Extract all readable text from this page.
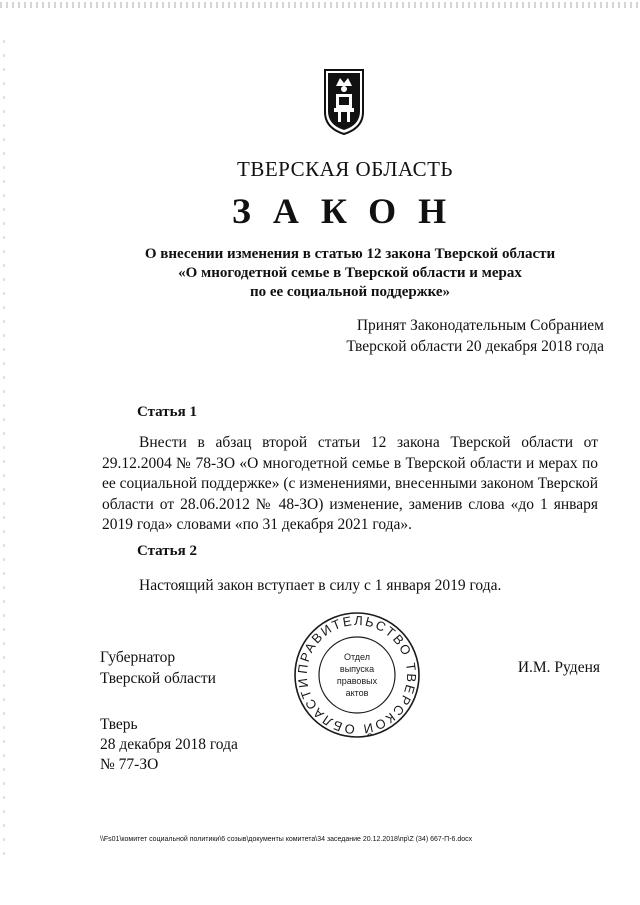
ТВЕРСКАЯ ОБЛАСТЬ
ЗАКОН
О внесении изменения в статью 12 закона Тверской области
«О многодетной семье в Тверской области и мерах
по ее социальной поддержке»
Принят Законодательным Собранием
Тверской области 20 декабря 2018 года
Статья 1
Внести в абзац второй статьи 12 закона Тверской области от 29.12.2004 № 78-ЗО «О многодетной семье в Тверской области и мерах по ее социальной поддержке» (с изменениями, внесенными законом Тверской области от 28.06.2012 № 48-ЗО) изменение, заменив слова «до 1 января 2019 года» словами «по 31 декабря 2021 года».
Статья 2
Настоящий закон вступает в силу с 1 января 2019 года.
Губернатор
Тверской области
ПРАВИТЕЛЬСТВО ТВЕРСКОЙ ОБЛАСТИ
Отдел
выпуска
правовых
актов
И.М. Руденя
Тверь
28 декабря 2018 года
№ 77-ЗО
\\Fs01\комитет социальной политики\6 созыв\документы комитета\34 заседание 20.12.2018\пр\Z (34) 667-П-6.docx
